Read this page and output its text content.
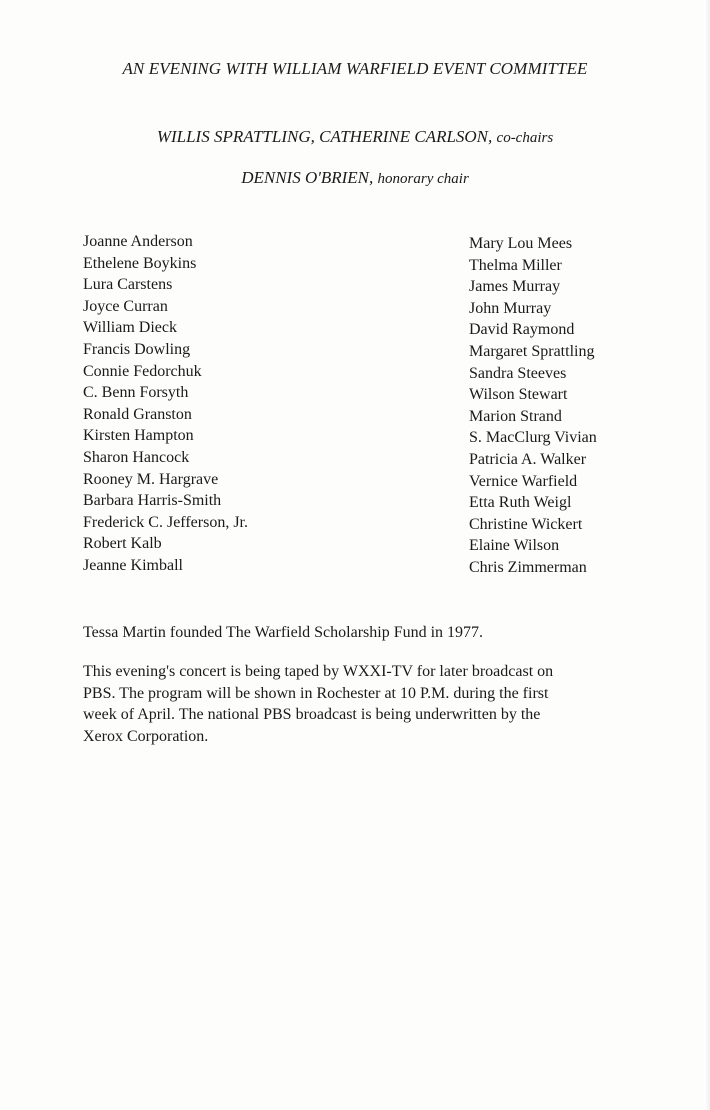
AN EVENING WITH WILLIAM WARFIELD EVENT COMMITTEE
WILLIS SPRATTLING, CATHERINE CARLSON, co-chairs
DENNIS O'BRIEN, honorary chair
Joanne Anderson
Ethelene Boykins
Lura Carstens
Joyce Curran
William Dieck
Francis Dowling
Connie Fedorchuk
C. Benn Forsyth
Ronald Granston
Kirsten Hampton
Sharon Hancock
Rooney M. Hargrave
Barbara Harris-Smith
Frederick C. Jefferson, Jr.
Robert Kalb
Jeanne Kimball
Mary Lou Mees
Thelma Miller
James Murray
John Murray
David Raymond
Margaret Sprattling
Sandra Steeves
Wilson Stewart
Marion Strand
S. MacClurg Vivian
Patricia A. Walker
Vernice Warfield
Etta Ruth Weigl
Christine Wickert
Elaine Wilson
Chris Zimmerman

Tessa Martin founded The Warfield Scholarship Fund in 1977.

This evening's concert is being taped by WXXI-TV for later broadcast on
PBS. The program will be shown in Rochester at 10 P.M. during the first
week of April. The national PBS broadcast is being underwritten by the
Xerox Corporation.
